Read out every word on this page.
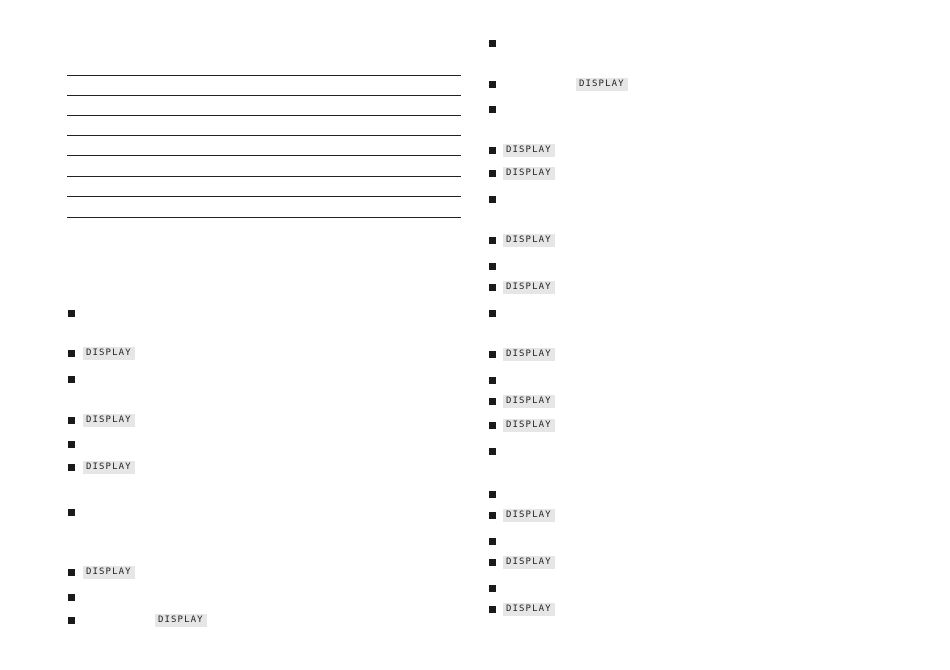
DISPLAY
DISPLAY
DISPLAY
DISPLAY
DISPLAY
DISPLAY
DISPLAY
DISPLAY
DISPLAY
DISPLAY
DISPLAY
DISPLAY
DISPLAY
DISPLAY
DISPLAY
DISPLAY
